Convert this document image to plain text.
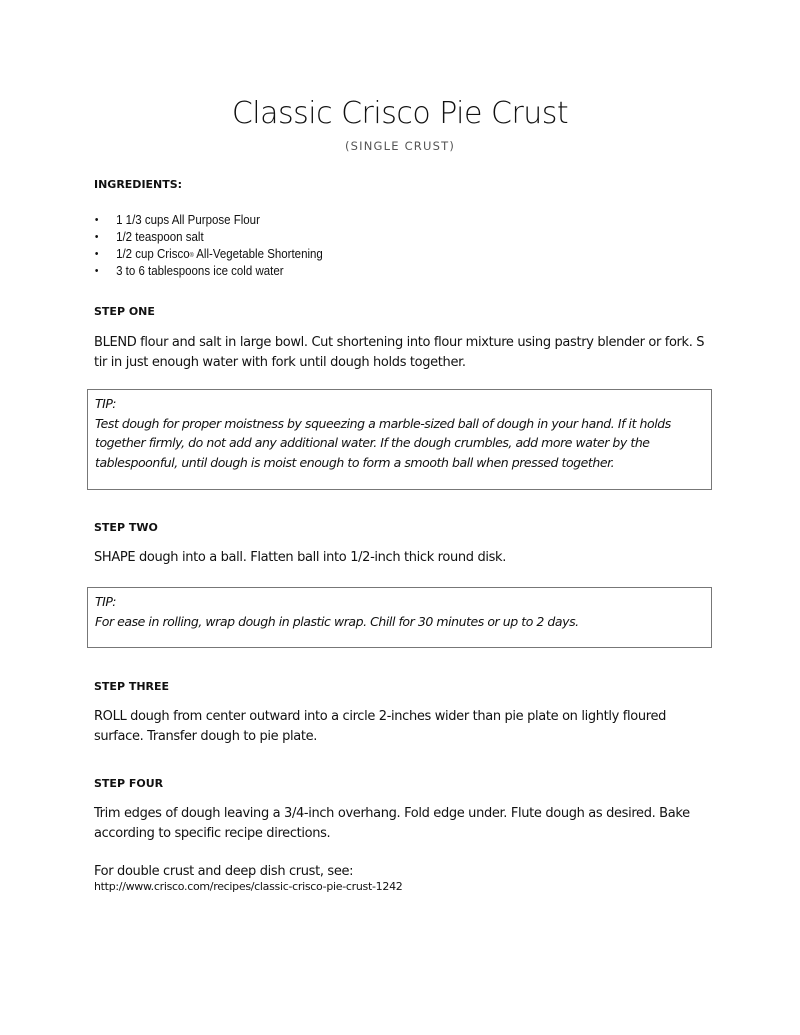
Classic Crisco Pie Crust
(SINGLE CRUST)
INGREDIENTS:
• 1 1/3 cups All Purpose Flour
• 1/2 teaspoon salt
• 1/2 cup Crisco® All-Vegetable Shortening
• 3 to 6 tablespoons ice cold water
STEP ONE
BLEND flour and salt in large bowl. Cut shortening into flour mixture using pastry blender or fork. S tir in just enough water with fork until dough holds together.
TIP:
Test dough for proper moistness by squeezing a marble-sized ball of dough in your hand. If it holds together firmly, do not add any additional water. If the dough crumbles, add more water by the tablespoonful, until dough is moist enough to form a smooth ball when pressed together.
STEP TWO
SHAPE dough into a ball. Flatten ball into 1/2-inch thick round disk.
TIP:
For ease in rolling, wrap dough in plastic wrap. Chill for 30 minutes or up to 2 days.
STEP THREE
ROLL dough from center outward into a circle 2-inches wider than pie plate on lightly floured surface. Transfer dough to pie plate.
STEP FOUR
Trim edges of dough leaving a 3/4-inch overhang. Fold edge under. Flute dough as desired. Bake according to specific recipe directions.
For double crust and deep dish crust, see:
http://www.crisco.com/recipes/classic-crisco-pie-crust-1242
